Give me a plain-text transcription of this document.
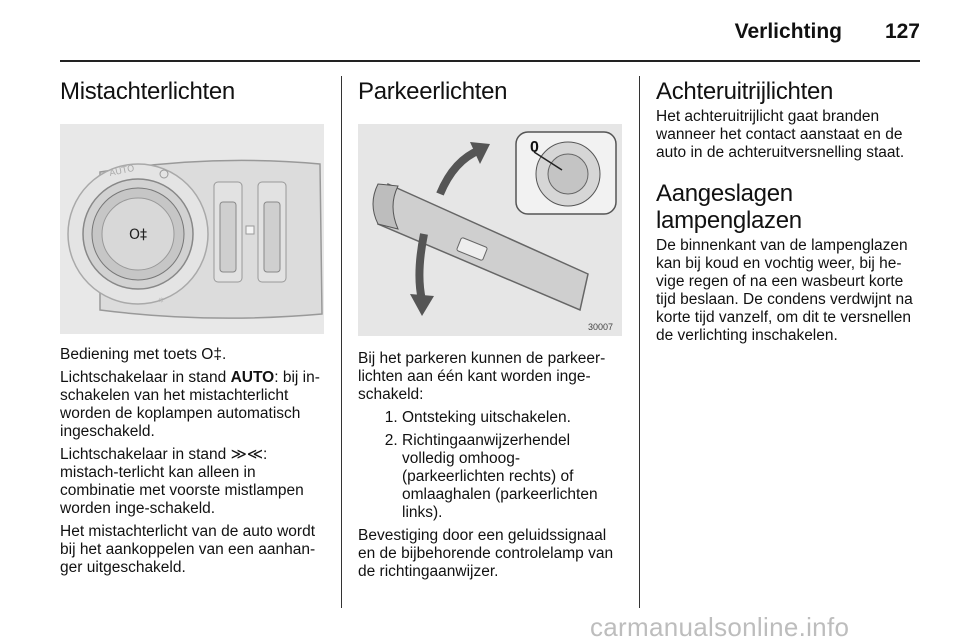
Verlichting 127
Mistachterlichten
O‡
AUTO
☼

Bediening met toets O‡.

Lichtschakelaar in stand AUTO: bij in-schakelen van het mistachterlicht worden de koplampen automatisch ingeschakeld.

Lichtschakelaar in stand ≫≪: mistach-terlicht kan alleen in combinatie met voorste mistlampen worden inge-schakeld.

Het mistachterlicht van de auto wordt bij het aankoppelen van een aanhan-ger uitgeschakeld.

Parkeerlichten
0
30007

Bij het parkeren kunnen de parkeer-lichten aan één kant worden inge-schakeld:

1. Ontsteking uitschakelen.
2. Richtingaanwijzerhendel volledig omhoog- (parkeerlichten rechts) of omlaaghalen (parkeerlichten links).

Bevestiging door een geluidssignaal en de bijbehorende controlelamp van de richtingaanwijzer.

Achteruitrijlichten

Het achteruitrijlicht gaat branden wanneer het contact aanstaat en de auto in de achteruitversnelling staat.

Aangeslagen lampenglazen

De binnenkant van de lampenglazen kan bij koud en vochtig weer, bij he-vige regen of na een wasbeurt korte tijd beslaan. De condens verdwijnt na korte tijd vanzelf, om dit te versnellen de verlichting inschakelen.

carmanualsonline.info
